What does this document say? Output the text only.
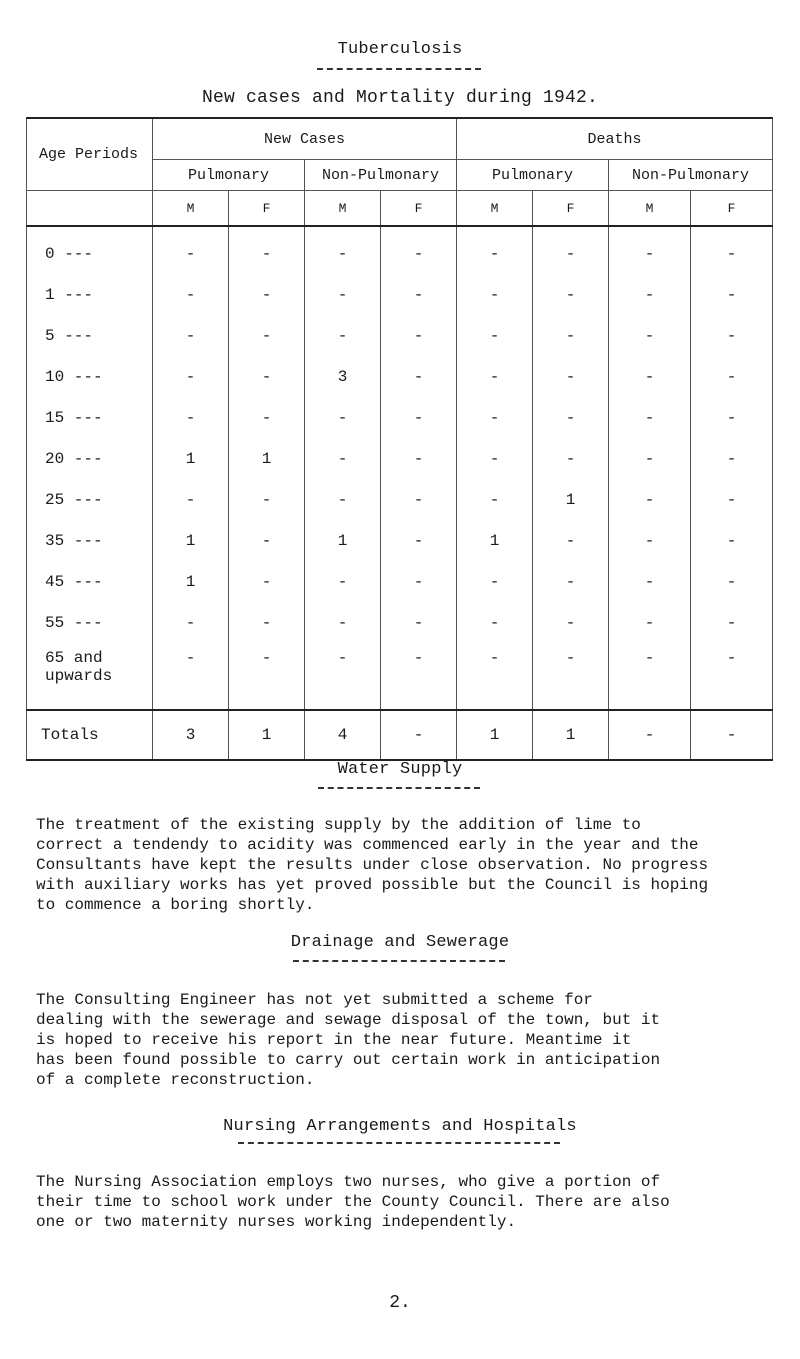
Tuberculosis
New cases and Mortality during 1942.
Age Periods	New Cases				Deaths			
	Pulmonary		Non-Pulmonary		Pulmonary		Non-Pulmonary	
	M	F	M	F	M	F	M	F
0 ---	-	-	-	-	-	-	-	-
1 ---	-	-	-	-	-	-	-	-
5 ---	-	-	-	-	-	-	-	-
10 ---	-	-	3	-	-	-	-	-
15 ---	-	-	-	-	-	-	-	-
20 ---	1	1	-	-	-	-	-	-
25 ---	-	-	-	-	-	1	-	-
35 ---	1	-	1	-	1	-	-	-
45 ---	1	-	-	-	-	-	-	-
55 ---	-	-	-	-	-	-	-	-
65 and upwards	-	-	-	-	-	-	-	-
Totals	3	1	4	-	1	1	-	-
Water Supply

The treatment of the existing supply by the addition of lime to
correct a tendendy to acidity was commenced early in the year and the
Consultants have kept the results under close observation. No progress
with auxiliary works has yet proved possible but the Council is hoping
to commence a boring shortly.

Drainage and Sewerage

The Consulting Engineer has not yet submitted a scheme for
dealing with the sewerage and sewage disposal of the town, but it
is hoped to receive his report in the near future. Meantime it
has been found possible to carry out certain work in anticipation
of a complete reconstruction.

Nursing Arrangements and Hospitals

The Nursing Association employs two nurses, who give a portion of
their time to school work under the County Council. There are also
one or two maternity nurses working independently.

2.
